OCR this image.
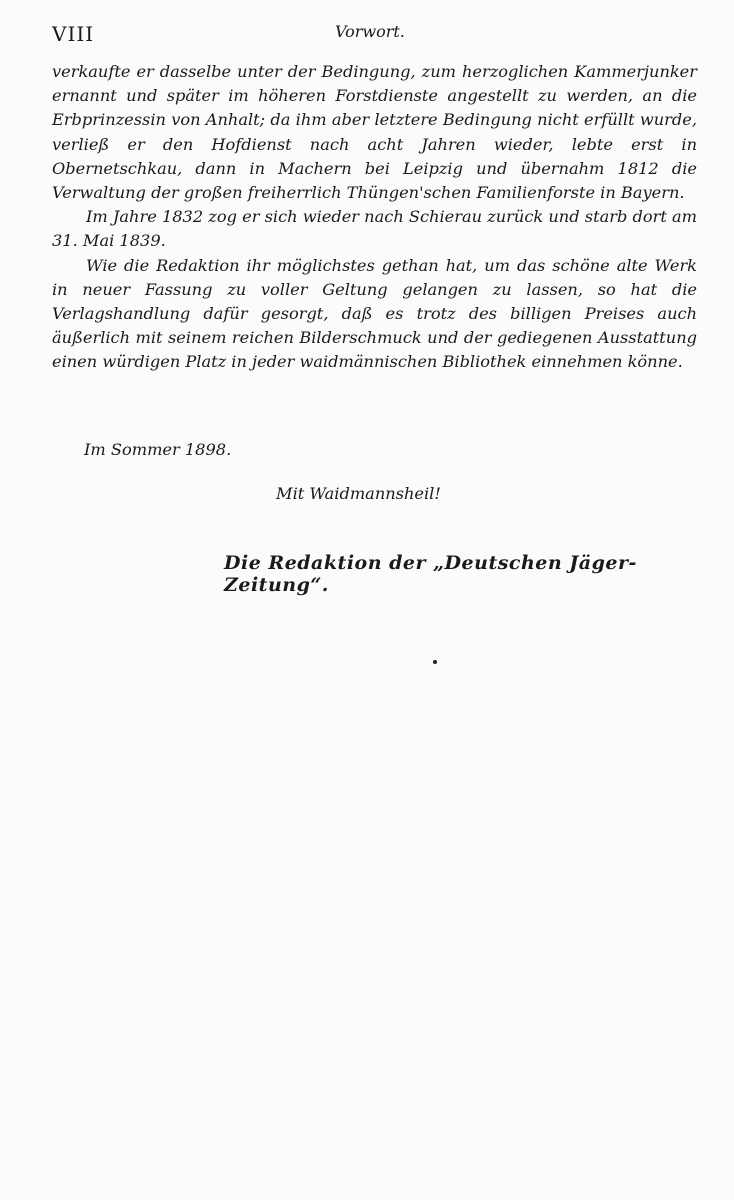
VIII	Vorwort.

verkaufte er dasselbe unter der Bedingung, zum herzoglichen Kammerjunker ernannt und später im höheren Forstdienste angestellt zu werden, an die Erbprinzessin von Anhalt; da ihm aber letztere Bedingung nicht erfüllt wurde, verließ er den Hofdienst nach acht Jahren wieder, lebte erst in Obernetschkau, dann in Machern bei Leipzig und übernahm 1812 die Verwaltung der großen freiherrlich Thüngen'schen Familienforste in Bayern.

Im Jahre 1832 zog er sich wieder nach Schierau zurück und starb dort am 31. Mai 1839.

Wie die Redaktion ihr möglichstes gethan hat, um das schöne alte Werk in neuer Fassung zu voller Geltung gelangen zu lassen, so hat die Verlagshandlung dafür gesorgt, daß es trotz des billigen Preises auch äußerlich mit seinem reichen Bilderschmuck und der gediegenen Ausstattung einen würdigen Platz in jeder waidmännischen Bibliothek einnehmen könne.

Im Sommer 1898.
Mit Waidmannsheil!
Die Redaktion der „Deutschen Jäger-Zeitung“.
